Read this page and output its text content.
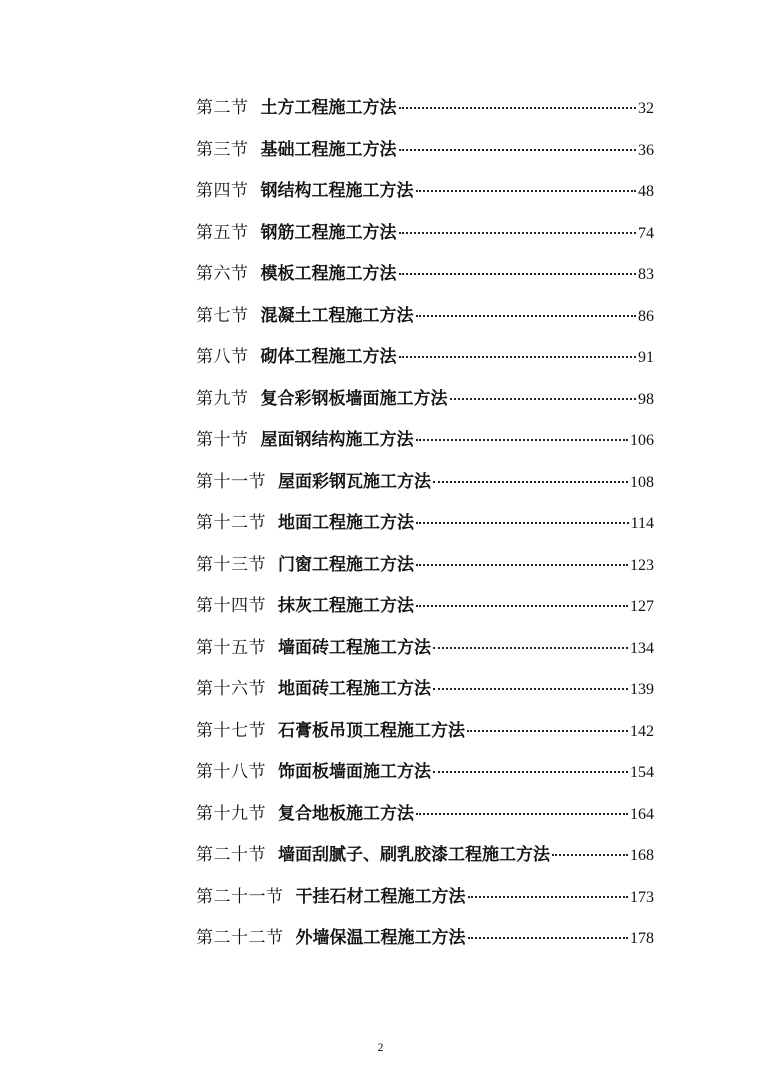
第二节 土方工程施工方法	32
第三节 基础工程施工方法	36
第四节 钢结构工程施工方法	48
第五节 钢筋工程施工方法	74
第六节 模板工程施工方法	83
第七节 混凝土工程施工方法	86
第八节 砌体工程施工方法	91
第九节 复合彩钢板墙面施工方法	98
第十节 屋面钢结构施工方法	106
第十一节 屋面彩钢瓦施工方法	108
第十二节 地面工程施工方法	114
第十三节 门窗工程施工方法	123
第十四节 抹灰工程施工方法	127
第十五节 墙面砖工程施工方法	134
第十六节 地面砖工程施工方法	139
第十七节 石膏板吊顶工程施工方法	142
第十八节 饰面板墙面施工方法	154
第十九节 复合地板施工方法	164
第二十节 墙面刮腻子、刷乳胶漆工程施工方法	168
第二十一节 干挂石材工程施工方法	173
第二十二节 外墙保温工程施工方法	178
2
